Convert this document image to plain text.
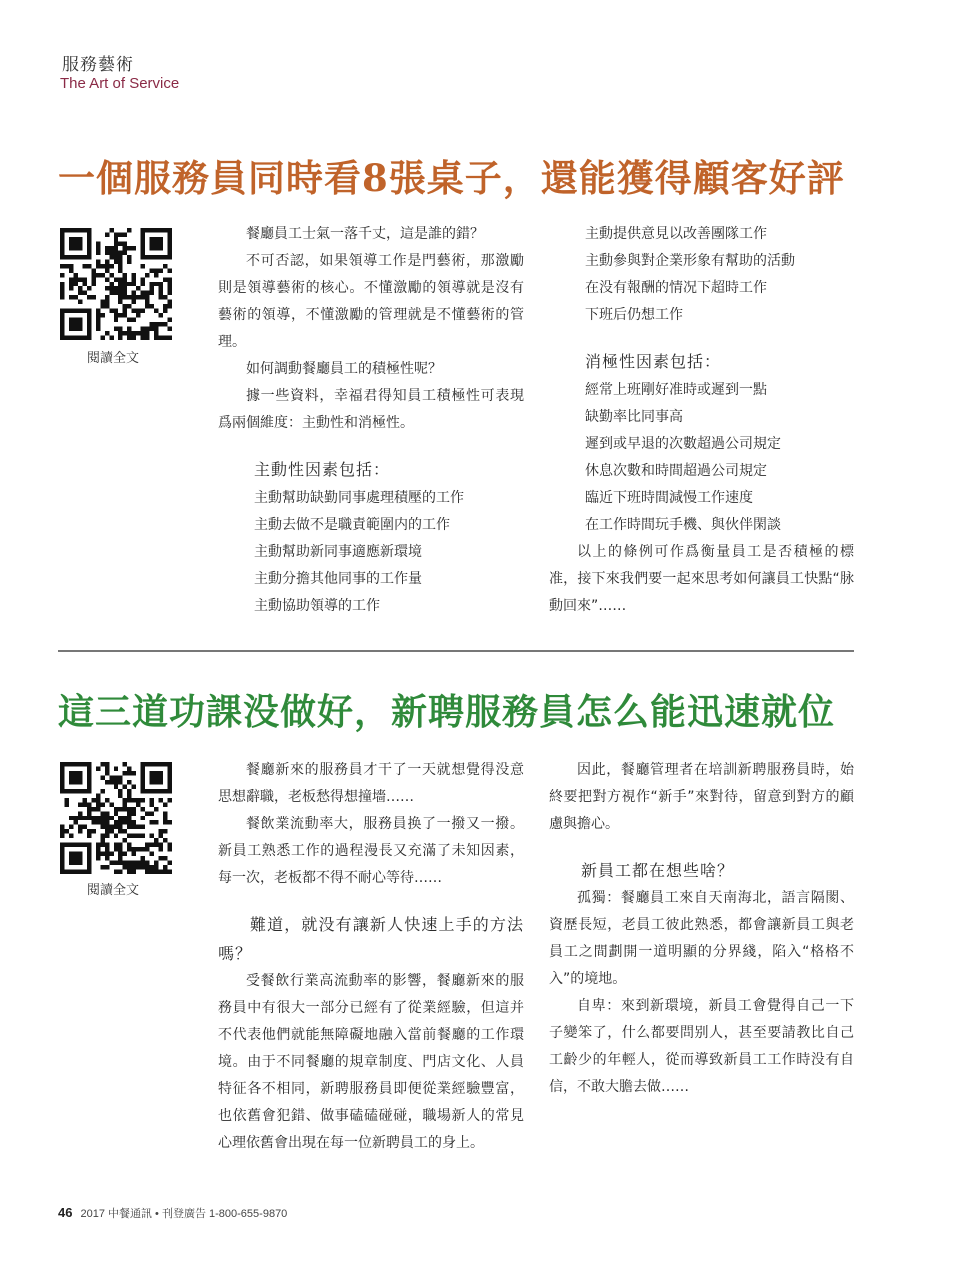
服務藝術
The Art of Service
一個服務員同時看8張桌子，還能獲得顧客好評
閱讀全文

餐廳員工士氣一落千丈，這是誰的錯？

不可否認，如果領導工作是門藝術，那激勵則是領導藝術的核心。不懂激勵的領導就是沒有藝術的領導，不懂激勵的管理就是不懂藝術的管理。

如何調動餐廳員工的積極性呢？

據一些資料，幸福君得知員工積極性可表現爲兩個維度：主動性和消極性。

主動性因素包括：

主動幫助缺勤同事處理積壓的工作

主動去做不是職責範圍内的工作

主動幫助新同事適應新環境

主動分擔其他同事的工作量

主動協助領導的工作

主動提供意見以改善團隊工作

主動參與對企業形象有幫助的活動

在没有報酬的情况下超時工作

下班后仍想工作

消極性因素包括：

經常上班剛好准時或遲到一點

缺勤率比同事高

遲到或早退的次數超過公司規定

休息次數和時間超過公司規定

臨近下班時間減慢工作速度

在工作時間玩手機、與伙伴閑談

以上的條例可作爲衡量員工是否積極的標准，接下來我們要一起來思考如何讓員工快點“脉動回來”……

這三道功課没做好，新聘服務員怎么能迅速就位
閱讀全文

餐廳新來的服務員才干了一天就想覺得没意思想辭職，老板愁得想撞墻……

餐飲業流動率大，服務員换了一撥又一撥。新員工熟悉工作的過程漫長又充滿了未知因素，每一次，老板都不得不耐心等待……

難道，就没有讓新人快速上手的方法嗎？

受餐飲行業高流動率的影響，餐廳新來的服務員中有很大一部分已經有了從業經驗，但這并不代表他們就能無障礙地融入當前餐廳的工作環境。由于不同餐廳的規章制度、門店文化、人員特征各不相同，新聘服務員即便從業經驗豐富，也依舊會犯錯、做事磕磕碰碰，職場新人的常見心理依舊會出現在每一位新聘員工的身上。

因此，餐廳管理者在培訓新聘服務員時，始終要把對方視作“新手”來對待，留意到對方的顧慮與擔心。

新員工都在想些啥？

孤獨：餐廳員工來自天南海北，語言隔閡、資歷長短，老員工彼此熟悉，都會讓新員工與老員工之間劃開一道明顯的分界綫，陷入“格格不入”的境地。

自卑：來到新環境，新員工會覺得自己一下子變笨了，什么都要問别人，甚至要請教比自己工齡少的年輕人，從而導致新員工工作時没有自信，不敢大膽去做……

46 2017 中餐通訊 • 刊登廣告 1-800-655-9870
